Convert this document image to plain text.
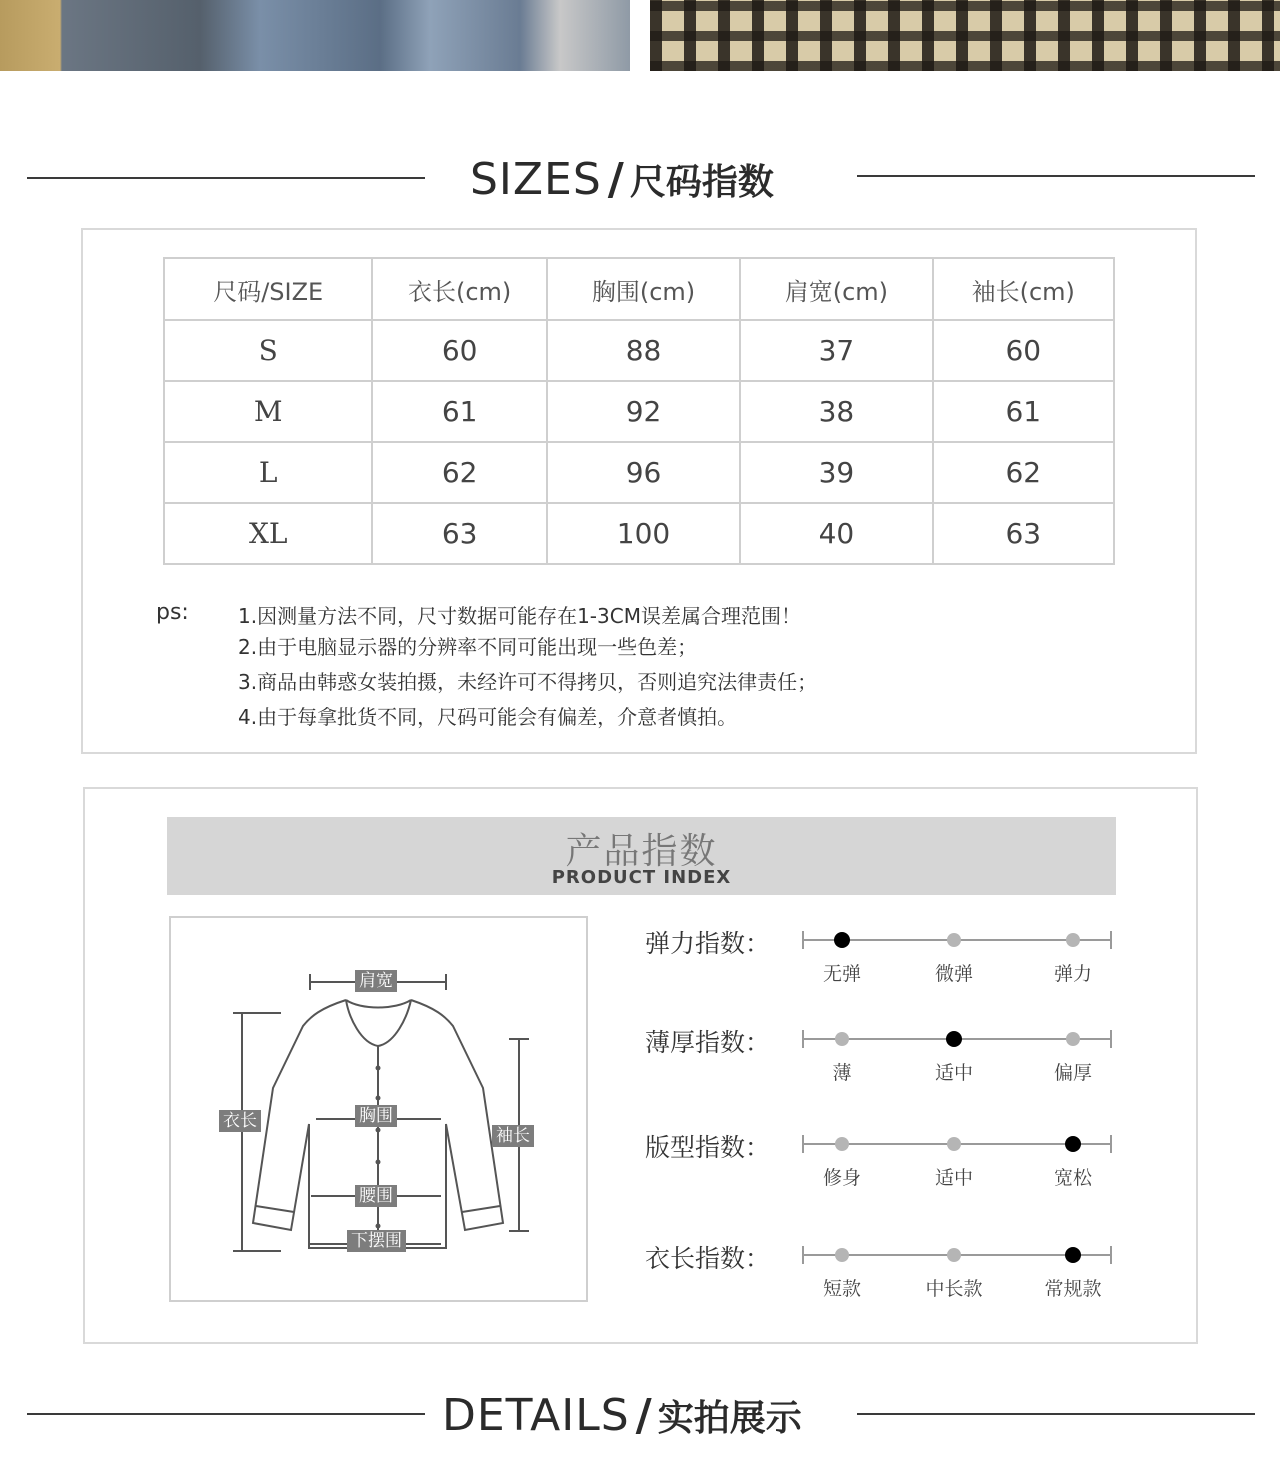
SIZES / 尺码指数
尺码/SIZE	衣长(cm)	胸围(cm)	肩宽(cm)	袖长(cm)
S	60	88	37	60
M	61	92	38	61
L	62	96	39	62
XL	63	100	40	63
ps: 1.因测量方法不同，尺寸数据可能存在1-3CM误差属合理范围！
2.由于电脑显示器的分辨率不同可能出现一些色差；
3.商品由韩惑女装拍摄，未经许可不得拷贝，否则追究法律责任；
4.由于每拿批货不同，尺码可能会有偏差，介意者慎拍。
产品指数
PRODUCT INDEX
肩宽
衣长	胸围
袖长
腰围
下摆围
弹力指数：
无弹	微弹	弹力
薄厚指数：
薄	适中	偏厚
版型指数：
修身	适中	宽松
衣长指数：
短款	中长款	常规款
DETAILS / 实拍展示
